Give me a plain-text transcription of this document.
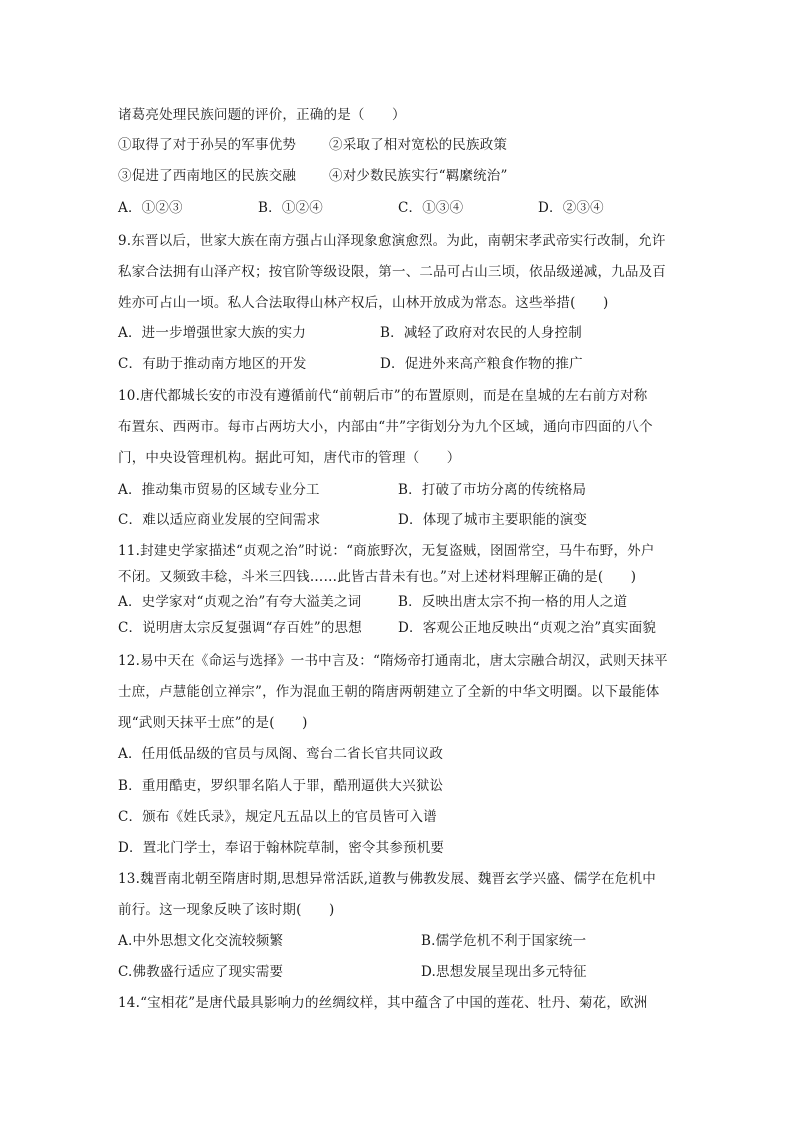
诸葛亮处理民族问题的评价，正确的是（　　）
①取得了对于孙吴的军事优势 ②采取了相对宽松的民族政策
③促进了西南地区的民族交融 ④对少数民族实行“羁縻统治”
A．①②③	B．①②④	C．①③④	D．②③④
9.东晋以后，世家大族在南方强占山泽现象愈演愈烈。为此，南朝宋孝武帝实行改制，允许
私家合法拥有山泽产权；按官阶等级设限，第一、二品可占山三顷，依品级递减，九品及百
姓亦可占山一顷。私人合法取得山林产权后，山林开放成为常态。这些举措(　　)
A．进一步增强世家大族的实力	B．减轻了政府对农民的人身控制
C．有助于推动南方地区的开发	D．促进外来高产粮食作物的推广
10.唐代都城长安的市没有遵循前代“前朝后市”的布置原则，而是在皇城的左右前方对称
布置东、西两市。每市占两坊大小，内部由“井”字街划分为九个区域，通向市四面的八个
门，中央设管理机构。据此可知，唐代市的管理（　　）
A．推动集市贸易的区域专业分工	B．打破了市坊分离的传统格局
C．难以适应商业发展的空间需求	D．体现了城市主要职能的演变
11.封建史学家描述“贞观之治”时说：“商旅野次，无复盗贼，囹圄常空，马牛布野，外户
不闭。又频致丰稔，斗米三四钱……此皆古昔未有也。”对上述材料理解正确的是(　　)
A．史学家对“贞观之治”有夸大溢美之词	B．反映出唐太宗不拘一格的用人之道
C．说明唐太宗反复强调“存百姓”的思想	D．客观公正地反映出“贞观之治”真实面貌
12.易中天在《命运与选择》一书中言及：“隋炀帝打通南北，唐太宗融合胡汉，武则天抹平
士庶，卢慧能创立禅宗”，作为混血王朝的隋唐两朝建立了全新的中华文明圈。以下最能体
现“武则天抹平士庶”的是(　　)
A．任用低品级的官员与凤阁、鸾台二省长官共同议政
B．重用酷吏，罗织罪名陷人于罪，酷刑逼供大兴狱讼
C．颁布《姓氏录》，规定凡五品以上的官员皆可入谱
D．置北门学士，奉诏于翰林院草制，密令其参预机要
13.魏晋南北朝至隋唐时期,思想异常活跃,道教与佛教发展、魏晋玄学兴盛、儒学在危机中
前行。这一现象反映了该时期(　　)
A.中外思想文化交流较频繁	B.儒学危机不利于国家统一
C.佛教盛行适应了现实需要	D.思想发展呈现出多元特征
14.“宝相花”是唐代最具影响力的丝绸纹样，其中蕴含了中国的莲花、牡丹、菊花，欧洲
